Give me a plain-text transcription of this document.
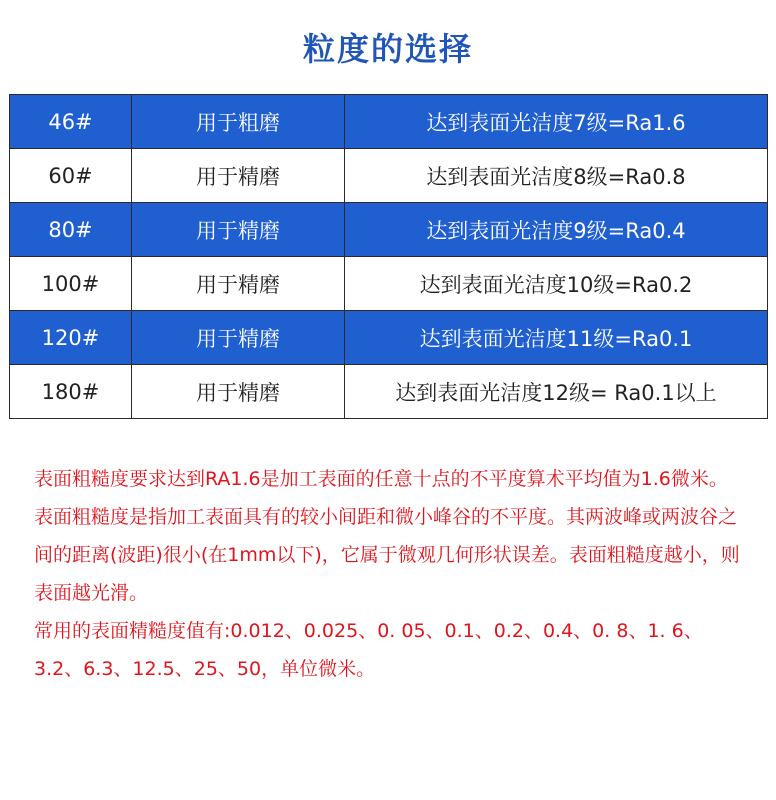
粒度的选择
46#	用于粗磨	达到表面光洁度7级=Ra1.6
60#	用于精磨	达到表面光洁度8级=Ra0.8
80#	用于精磨	达到表面光洁度9级=Ra0.4
100#	用于精磨	达到表面光洁度10级=Ra0.2
120#	用于精磨	达到表面光洁度11级=Ra0.1
180#	用于精磨	达到表面光洁度12级= Ra0.1以上

表面粗糙度要求达到RA1.6是加工表面的任意十点的不平度算术平均值为1.6微米。

表面粗糙度是指加工表面具有的较小间距和微小峰谷的不平度。其两波峰或两波谷之间的距离(波距)很小(在1mm以下)，它属于微观几何形状误差。表面粗糙度越小，则表面越光滑。

常用的表面精糙度值有:0.012、0.025、0. 05、0.1、0.2、0.4、0. 8、1. 6、3.2、6.3、12.5、25、50，单位微米。
